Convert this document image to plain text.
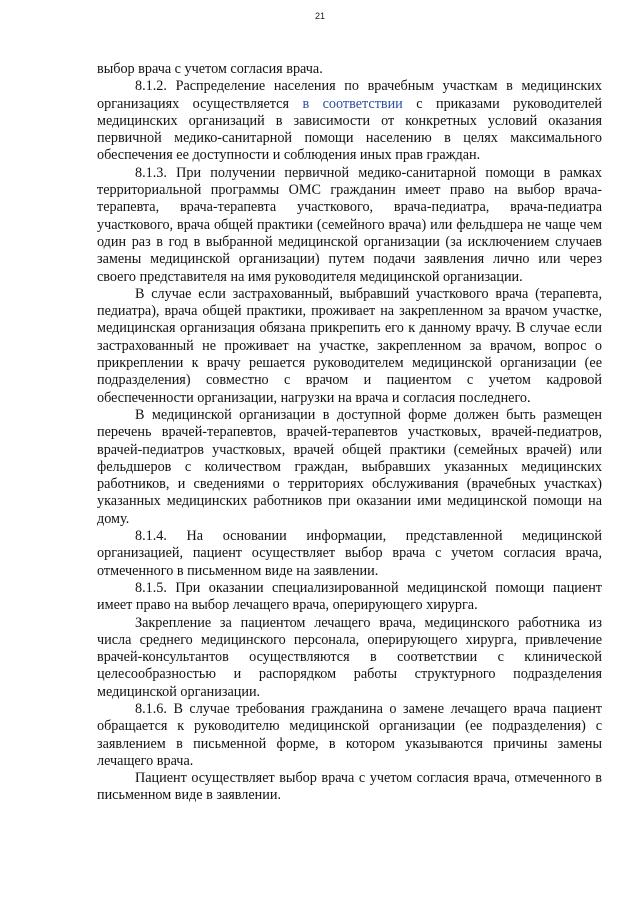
21

выбор врача с учетом согласия врача.

8.1.2. Распределение населения по врачебным участкам в медицинских организациях осуществляется в соответствии с приказами руководителей медицинских организаций в зависимости от конкретных условий оказания первичной медико-санитарной помощи населению в целях максимального обеспечения ее доступности и соблюдения иных прав граждан.

8.1.3. При получении первичной медико-санитарной помощи в рамках территориальной программы ОМС гражданин имеет право на выбор врача-терапевта, врача-терапевта участкового, врача-педиатра, врача-педиатра участкового, врача общей практики (семейного врача) или фельдшера не чаще чем один раз в год в выбранной медицинской организации (за исключением случаев замены медицинской организации) путем подачи заявления лично или через своего представителя на имя руководителя медицинской организации.

В случае если застрахованный, выбравший участкового врача (терапевта, педиатра), врача общей практики, проживает на закрепленном за врачом участке, медицинская организация обязана прикрепить его к данному врачу. В случае если застрахованный не проживает на участке, закрепленном за врачом, вопрос о прикреплении к врачу решается руководителем медицинской организации (ее подразделения) совместно с врачом и пациентом с учетом кадровой обеспеченности организации, нагрузки на врача и согласия последнего.

В медицинской организации в доступной форме должен быть размещен перечень врачей-терапевтов, врачей-терапевтов участковых, врачей-педиатров, врачей-педиатров участковых, врачей общей практики (семейных врачей) или фельдшеров с количеством граждан, выбравших указанных медицинских работников, и сведениями о территориях обслуживания (врачебных участках) указанных медицинских работников при оказании ими медицинской помощи на дому.

8.1.4. На основании информации, представленной медицинской организацией, пациент осуществляет выбор врача с учетом согласия врача, отмеченного в письменном виде на заявлении.

8.1.5. При оказании специализированной медицинской помощи пациент имеет право на выбор лечащего врача, оперирующего хирурга.

Закрепление за пациентом лечащего врача, медицинского работника из числа среднего медицинского персонала, оперирующего хирурга, привлечение врачей-консультантов осуществляются в соответствии с клинической целесообразностью и распорядком работы структурного подразделения медицинской организации.

8.1.6. В случае требования гражданина о замене лечащего врача пациент обращается к руководителю медицинской организации (ее подразделения) с заявлением в письменной форме, в котором указываются причины замены лечащего врача.

Пациент осуществляет выбор врача с учетом согласия врача, отмеченного в письменном виде в заявлении.
